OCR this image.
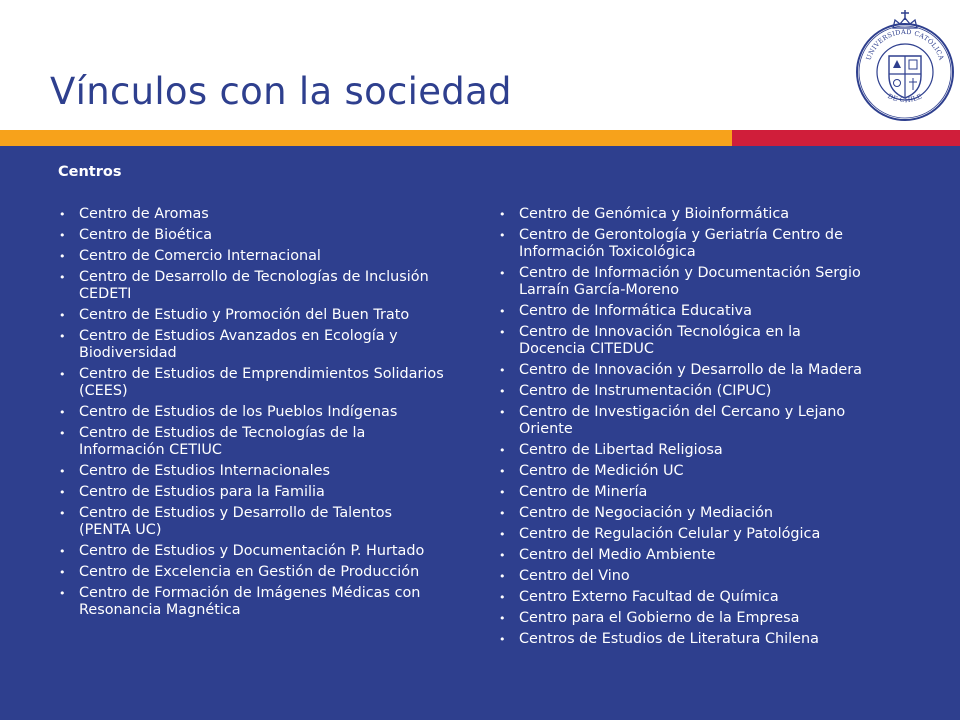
Vínculos con la sociedad
UNIVERSIDAD CATÓLICA
DE CHILE
Centros
• Centro de Aromas
• Centro de Bioética
• Centro de Comercio Internacional
• Centro de Desarrollo de Tecnologías de Inclusión CEDETI
• Centro de Estudio y Promoción del Buen Trato
• Centro de Estudios Avanzados en Ecología y Biodiversidad
• Centro de Estudios de Emprendimientos Solidarios (CEES)
• Centro de Estudios de los Pueblos Indígenas
• Centro de Estudios de Tecnologías de la Información CETIUC
• Centro de Estudios Internacionales
• Centro de Estudios para la Familia
• Centro de Estudios y Desarrollo de Talentos (PENTA UC)
• Centro de Estudios y Documentación P. Hurtado
• Centro de Excelencia en Gestión de Producción
• Centro de Formación de Imágenes Médicas con Resonancia Magnética
• Centro de Genómica y Bioinformática
• Centro de Gerontología y Geriatría Centro de Información Toxicológica
• Centro de Información y Documentación Sergio Larraín García-Moreno
• Centro de Informática Educativa
• Centro de Innovación Tecnológica en la Docencia CITEDUC
• Centro de Innovación y Desarrollo de la Madera
• Centro de Instrumentación (CIPUC)
• Centro de Investigación del Cercano y Lejano Oriente
• Centro de Libertad Religiosa
• Centro de Medición UC
• Centro de Minería
• Centro de Negociación y Mediación
• Centro de Regulación Celular y Patológica
• Centro del Medio Ambiente
• Centro del Vino
• Centro Externo Facultad de Química
• Centro para el Gobierno de la Empresa
• Centros de Estudios de Literatura Chilena
